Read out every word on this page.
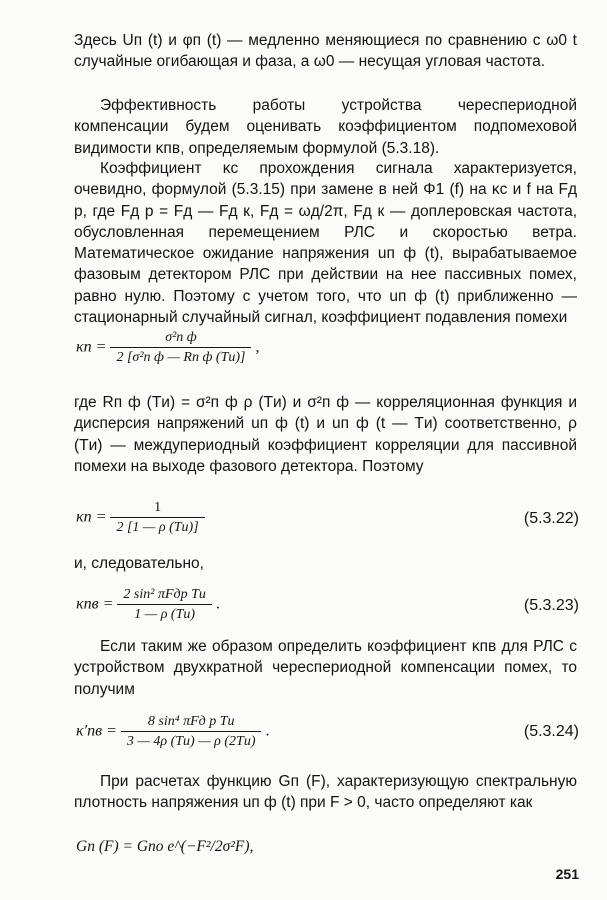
Здесь Uп (t) и φп (t) — медленно меняющиеся по сравнению с ω0 t случайные огибающая и фаза, а ω0 — несущая угловая частота.

Эффективность работы устройства череспериодной компенсации будем оценивать коэффициентом подпомеховой видимости κпв, определяемым формулой (5.3.18).

Коэффициент κс прохождения сигнала характеризуется, очевидно, формулой (5.3.15) при замене в ней Φ1 (f) на κс и f на Fд р, где Fд р = Fд — Fд к, Fд = ωд/2π, Fд к — доплеровская частота, обусловленная перемещением РЛС и скоростью ветра. Математическое ожидание напряжения uп ф (t), вырабатываемое фазовым детектором РЛС при действии на нее пассивных помех, равно нулю. Поэтому с учетом того, что uп ф (t) приближенно — стационарный случайный сигнал, коэффициент подавления помехи

$\kappa п = \frac{\text{σ²п ф}}{\text{2 [σ²п ф — Rп ф (Tи)]}}$ ,

где Rп ф (Tи) = σ²п ф ρ (Tи) и σ²п ф — корреляционная функция и дисперсия напряжений uп ф (t) и uп ф (t — Tи) соответственно, ρ (Tи) — междупериодный коэффициент корреляции для пассивной помехи на выходе фазового детектора. Поэтому

$\kappa п = \frac{1}{2 [1 — \rho (Tи)]}$	(5.3.22)

и, следовательно,

$\kappa пв = \frac{\text{2 sin² πFдр Tи}}{1 — \rho (Tи)}$ .	(5.3.23)

Если таким же образом определить коэффициент κпв для РЛС с устройством двухкратной череспериодной компенсации помех, то получим

$\kappa'пв = \frac{\text{8 sin⁴ πFд р Tи}}{3 — 4\rho (Tи) — \rho (2Tи)}$ .	(5.3.24)

При расчетах функцию Gп (F), характеризующую спектральную плотность напряжения uп ф (t) при F > 0, часто определяют как

Gп (F) = Gпо e^(−F²/2σ²F),
251
